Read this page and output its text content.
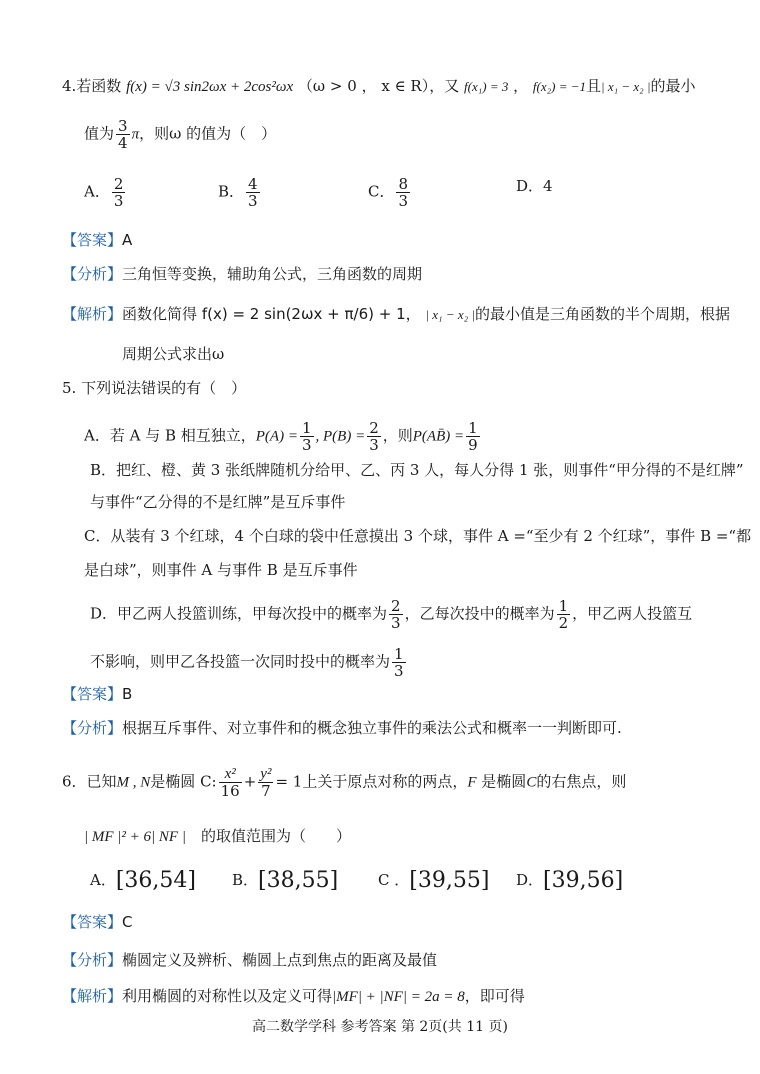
4.若函数 f(x) = √3 sin2ωx + 2cos²ωx （ω > 0 ， x ∈ R），又 f(x₁) = 3 ， f(x₂) = −1且| x₁ − x₂ |的最小
值为 $\frac{3}{4}$ π，则ω 的值为（　）
A． $\frac{2}{3}$	B． $\frac{4}{3}$	C． $\frac{8}{3}$	D．4
【答案】A
【分析】三角恒等变换，辅助角公式，三角函数的周期
【解析】函数化简得 f(x) = 2 sin(2ωx + π/6) + 1， | x₁ − x₂ |的最小值是三角函数的半个周期，根据
周期公式求出ω
5. 下列说法错误的有（　）
A．若 A 与 B 相互独立，$P(A) = \frac{1}{3}$ , $P(B) = \frac{2}{3}$ ，则P(AB̄) = $\frac{1}{9}$
B．把红、橙、黄 3 张纸牌随机分给甲、乙、丙 3 人，每人分得 1 张，则事件“甲分得的不是红牌”
与事件“乙分得的不是红牌”是互斥事件
C．从装有 3 个红球，4 个白球的袋中任意摸出 3 个球，事件 A =“至少有 2 个红球”，事件 B =“都
是白球”，则事件 A 与事件 B 是互斥事件
D．甲乙两人投篮训练，甲每次投中的概率为 $\frac{2}{3}$ ，乙每次投中的概率为 $\frac{1}{2}$ ，甲乙两人投篮互
不影响，则甲乙各投篮一次同时投中的概率为 $\frac{1}{3}$
【答案】B
【分析】根据互斥事件、对立事件和的概念独立事件的乘法公式和概率一一判断即可.
6．已知M , N是椭圆 C: $\frac{\text{x²}}{16} + \frac{\text{y²}}{7} = 1$上关于原点对称的两点，F 是椭圆C的右焦点，则
| MF |² + 6| NF |　 的取值范围为（　　）
A．[36,54] B．[38,55]	C ．[39,55] D．[39,56]
【答案】C
【分析】椭圆定义及辨析、椭圆上点到焦点的距离及最值
【解析】利用椭圆的对称性以及定义可得|MF| + |NF| = 2a = 8，即可得
高二数学学科 参考答案 第 2页(共 11 页)
